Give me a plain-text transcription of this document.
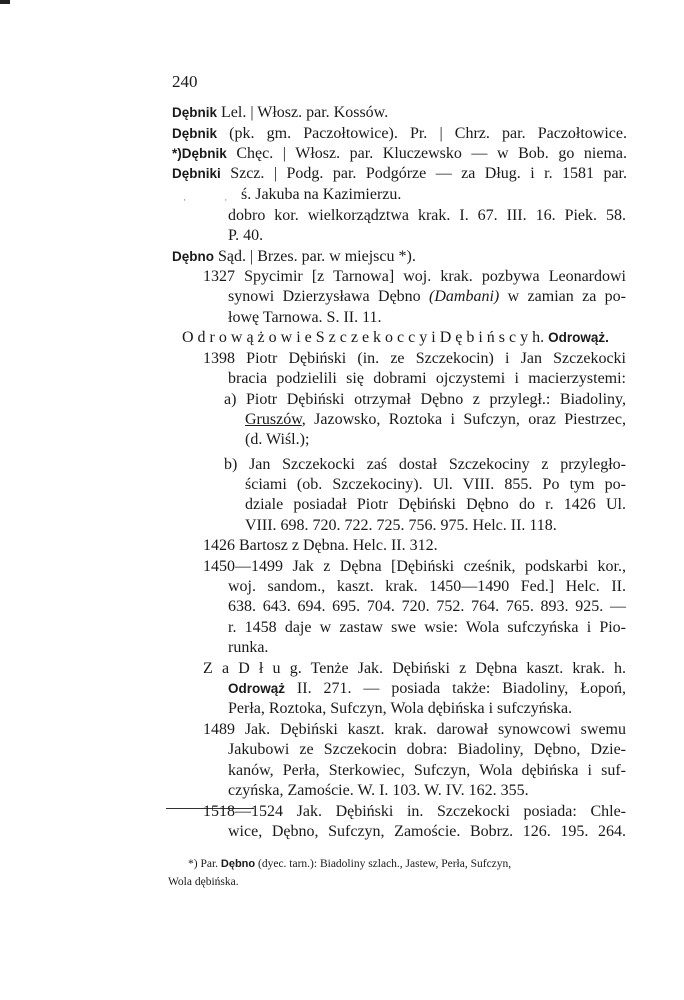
240
· ·
Dębnik Lel. | Włosz. par. Kossów.
Dębnik (pk. gm. Paczołtowice). Pr. | Chrz. par. Paczołtowice.
*)Dębnik Chęc. | Włosz. par. Kluczewsko — w Bob. go niema.
Dębniki Szcz. | Podg. par. Podgórze — za Dług. i r. 1581 par.
ś. Jakuba na Kazimierzu.
dobro kor. wielkorządztwa krak. I. 67. III. 16. Piek. 58.
P. 40.
Dębno Sąd. | Brzes. par. w miejscu *).
1327 Spycimir [z Tarnowa] woj. krak. pozbywa Leonardowi
synowi Dzierzysława Dębno (Dambani) w zamian za po-
łowę Tarnowa. S. II. 11.
O d r o w ą ż o w i e S z c z e k o c c y i D ę b i ń s c y h. Odrowąż.
1398 Piotr Dębiński (in. ze Szczekocin) i Jan Szczekocki
bracia podzielili się dobrami ojczystemi i macierzystemi:
a) Piotr Dębiński otrzymał Dębno z przyległ.: Biadoliny,
Gruszów, Jazowsko, Roztoka i Sufczyn, oraz Piestrzec,
(d. Wiśl.);
b) Jan Szczekocki zaś dostał Szczekociny z przyległo-
ściami (ob. Szczekociny). Ul. VIII. 855. Po tym po-
dziale posiadał Piotr Dębiński Dębno do r. 1426 Ul.
VIII. 698. 720. 722. 725. 756. 975. Helc. II. 118.
1426 Bartosz z Dębna. Helc. II. 312.
1450—1499 Jak z Dębna [Dębiński cześnik, podskarbi kor.,
woj. sandom., kaszt. krak. 1450—1490 Fed.] Helc. II.
638. 643. 694. 695. 704. 720. 752. 764. 765. 893. 925. —
r. 1458 daje w zastaw swe wsie: Wola sufczyńska i Pio-
runka.
Z a D ł u g. Tenże Jak. Dębiński z Dębna kaszt. krak. h.
Odrowąż II. 271. — posiada także: Biadoliny, Łopoń,
Perła, Roztoka, Sufczyn, Wola dębińska i sufczyńska.
1489 Jak. Dębiński kaszt. krak. darował synowcowi swemu
Jakubowi ze Szczekocin dobra: Biadoliny, Dębno, Dzie-
kanów, Perła, Sterkowiec, Sufczyn, Wola dębińska i suf-
czyńska, Zamoście. W. I. 103. W. IV. 162. 355.
1518—1524 Jak. Dębiński in. Szczekocki posiada: Chle-
wice, Dębno, Sufczyn, Zamoście. Bobrz. 126. 195. 264.
*) Par. Dębno (dyec. tarn.): Biadoliny szlach., Jastew, Perła, Sufczyn,
Wola dębińska.
